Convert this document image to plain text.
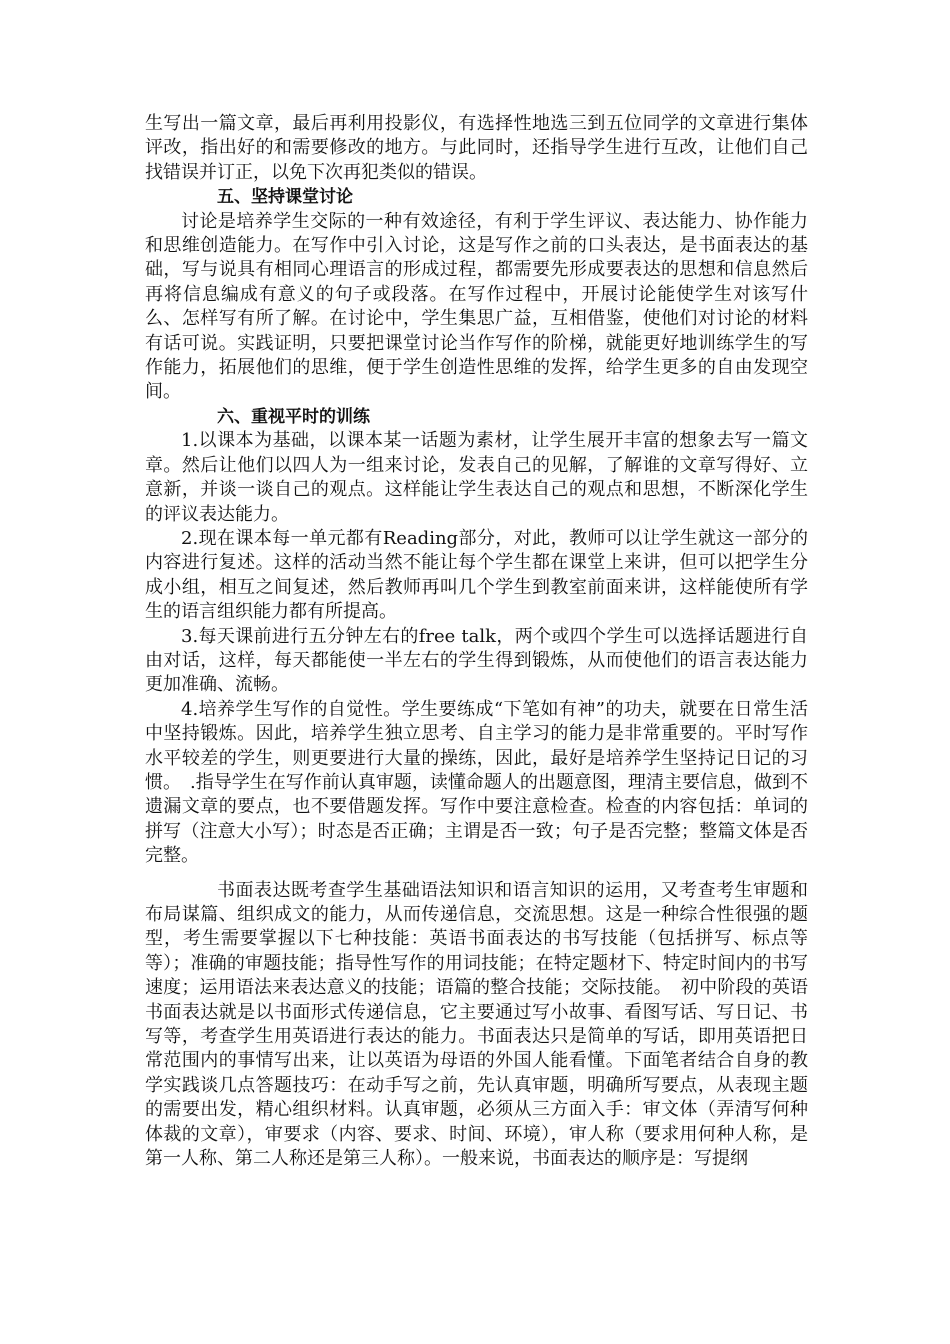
生写出一篇文章，最后再利用投影仪，有选择性地选三到五位同学的文章进行集体评改，指出好的和需要修改的地方。与此同时，还指导学生进行互改，让他们自己找错误并订正，以免下次再犯类似的错误。

五、坚持课堂讨论

讨论是培养学生交际的一种有效途径，有利于学生评议、表达能力、协作能力和思维创造能力。在写作中引入讨论，这是写作之前的口头表达，是书面表达的基础，写与说具有相同心理语言的形成过程，都需要先形成要表达的思想和信息然后再将信息编成有意义的句子或段落。在写作过程中，开展讨论能使学生对该写什么、怎样写有所了解。在讨论中，学生集思广益，互相借鉴，使他们对讨论的材料有话可说。实践证明，只要把课堂讨论当作写作的阶梯，就能更好地训练学生的写作能力，拓展他们的思维，便于学生创造性思维的发挥，给学生更多的自由发现空间。

六、重视平时的训练

1.以课本为基础，以课本某一话题为素材，让学生展开丰富的想象去写一篇文章。然后让他们以四人为一组来讨论，发表自己的见解，了解谁的文章写得好、立意新，并谈一谈自己的观点。这样能让学生表达自己的观点和思想，不断深化学生的评议表达能力。

2.现在课本每一单元都有Reading部分，对此，教师可以让学生就这一部分的内容进行复述。这样的活动当然不能让每个学生都在课堂上来讲，但可以把学生分成小组，相互之间复述，然后教师再叫几个学生到教室前面来讲，这样能使所有学生的语言组织能力都有所提高。

3.每天课前进行五分钟左右的free talk，两个或四个学生可以选择话题进行自由对话，这样，每天都能使一半左右的学生得到锻炼，从而使他们的语言表达能力更加准确、流畅。

4.培养学生写作的自觉性。学生要练成“下笔如有神”的功夫，就要在日常生活中坚持锻炼。因此，培养学生独立思考、自主学习的能力是非常重要的。平时写作水平较差的学生，则更要进行大量的操练，因此，最好是培养学生坚持记日记的习惯。　.指导学生在写作前认真审题，读懂命题人的出题意图，理清主要信息，做到不遗漏文章的要点，也不要借题发挥。写作中要注意检查。检查的内容包括：单词的拼写（注意大小写）；时态是否正确；主谓是否一致；句子是否完整；整篇文体是否完整。

书面表达既考查学生基础语法知识和语言知识的运用，又考查考生审题和布局谋篇、组织成文的能力，从而传递信息，交流思想。这是一种综合性很强的题型，考生需要掌握以下七种技能：英语书面表达的书写技能（包括拼写、标点等等）；准确的审题技能；指导性写作的用词技能；在特定题材下、特定时间内的书写速度；运用语法来表达意义的技能；语篇的整合技能；交际技能。　初中阶段的英语书面表达就是以书面形式传递信息，它主要通过写小故事、看图写话、写日记、书写等，考查学生用英语进行表达的能力。书面表达只是简单的写话，即用英语把日常范围内的事情写出来，让以英语为母语的外国人能看懂。下面笔者结合自身的教学实践谈几点答题技巧：在动手写之前，先认真审题，明确所写要点，从表现主题的需要出发，精心组织材料。认真审题，必须从三方面入手：审文体（弄清写何种体裁的文章），审要求（内容、要求、时间、环境），审人称（要求用何种人称，是第一人称、第二人称还是第三人称）。一般来说，书面表达的顺序是：写提纲
